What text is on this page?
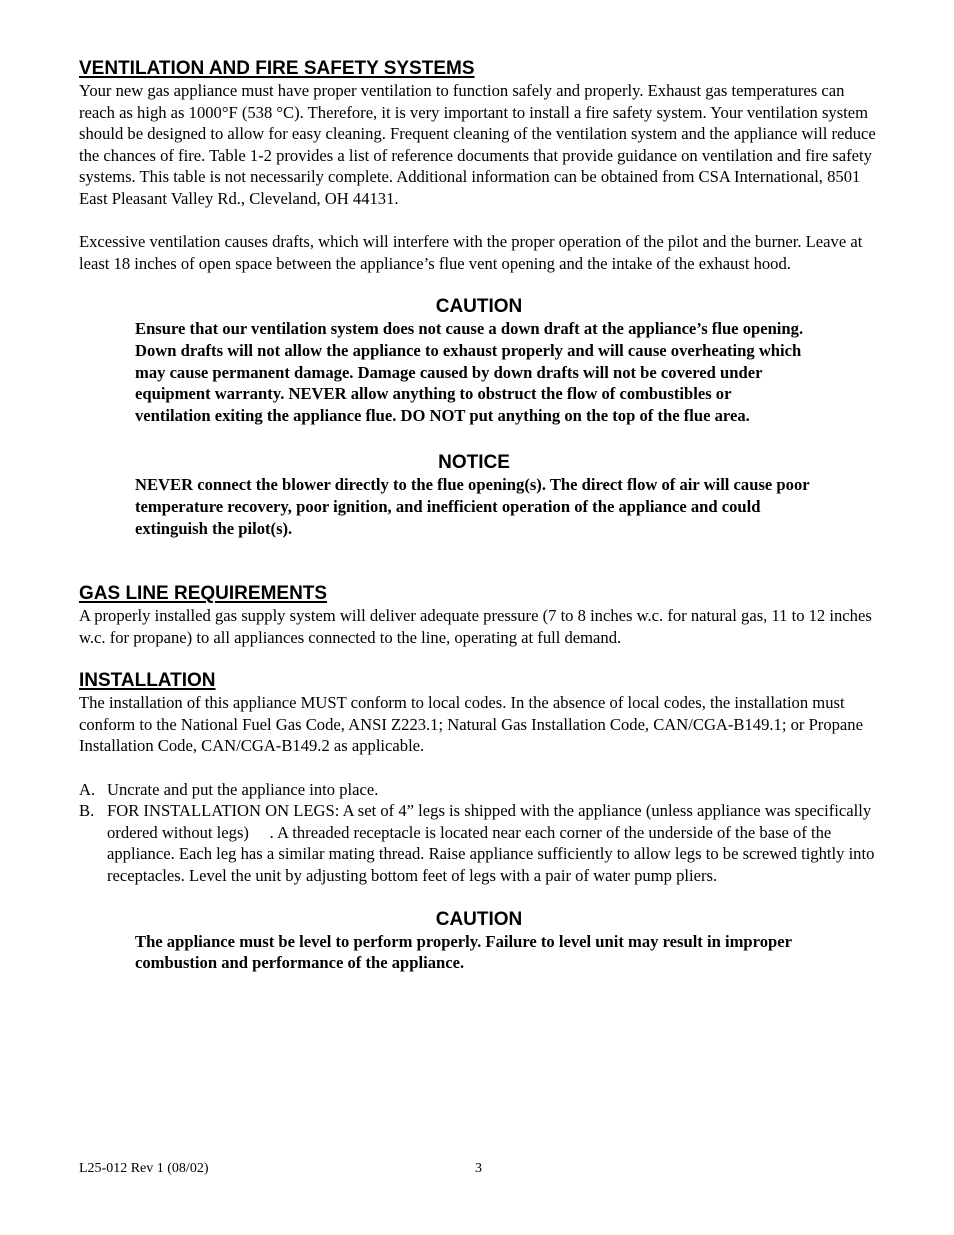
VENTILATION AND FIRE SAFETY SYSTEMS

Your new gas appliance must have proper ventilation to function safely and properly. Exhaust gas temperatures can reach as high as 1000°F (538 °C). Therefore, it is very important to install a fire safety system. Your ventilation system should be designed to allow for easy cleaning. Frequent cleaning of the ventilation system and the appliance will reduce the chances of fire. Table 1-2 provides a list of reference documents that provide guidance on ventilation and fire safety systems. This table is not necessarily complete. Additional information can be obtained from CSA International, 8501 East Pleasant Valley Rd., Cleveland, OH 44131.

Excessive ventilation causes drafts, which will interfere with the proper operation of the pilot and the burner. Leave at least 18 inches of open space between the appliance’s flue vent opening and the intake of the exhaust hood.

CAUTION

Ensure that our ventilation system does not cause a down draft at the appliance’s flue opening. Down drafts will not allow the appliance to exhaust properly and will cause overheating which may cause permanent damage. Damage caused by down drafts will not be covered under equipment warranty. NEVER allow anything to obstruct the flow of combustibles or ventilation exiting the appliance flue. DO NOT put anything on the top of the flue area.

NOTICE

NEVER connect the blower directly to the flue opening(s). The direct flow of air will cause poor temperature recovery, poor ignition, and inefficient operation of the appliance and could extinguish the pilot(s).

GAS LINE REQUIREMENTS

A properly installed gas supply system will deliver adequate pressure (7 to 8 inches w.c. for natural gas, 11 to 12 inches w.c. for propane) to all appliances connected to the line, operating at full demand.

INSTALLATION

The installation of this appliance MUST conform to local codes. In the absence of local codes, the installation must conform to the National Fuel Gas Code, ANSI Z223.1; Natural Gas Installation Code, CAN/CGA-B149.1; or Propane Installation Code, CAN/CGA-B149.2 as applicable.

A. Uncrate and put the appliance into place.
B. FOR INSTALLATION ON LEGS: A set of 4” legs is shipped with the appliance (unless appliance was specifically ordered without legs)     . A threaded receptacle is located near each corner of the underside of the base of the appliance. Each leg has a similar mating thread. Raise appliance sufficiently to allow legs to be screwed tightly into receptacles. Level the unit by adjusting bottom feet of legs with a pair of water pump pliers.
CAUTION

The appliance must be level to perform properly. Failure to level unit may result in improper combustion and performance of the appliance.

L25-012 Rev 1 (08/02)	3
